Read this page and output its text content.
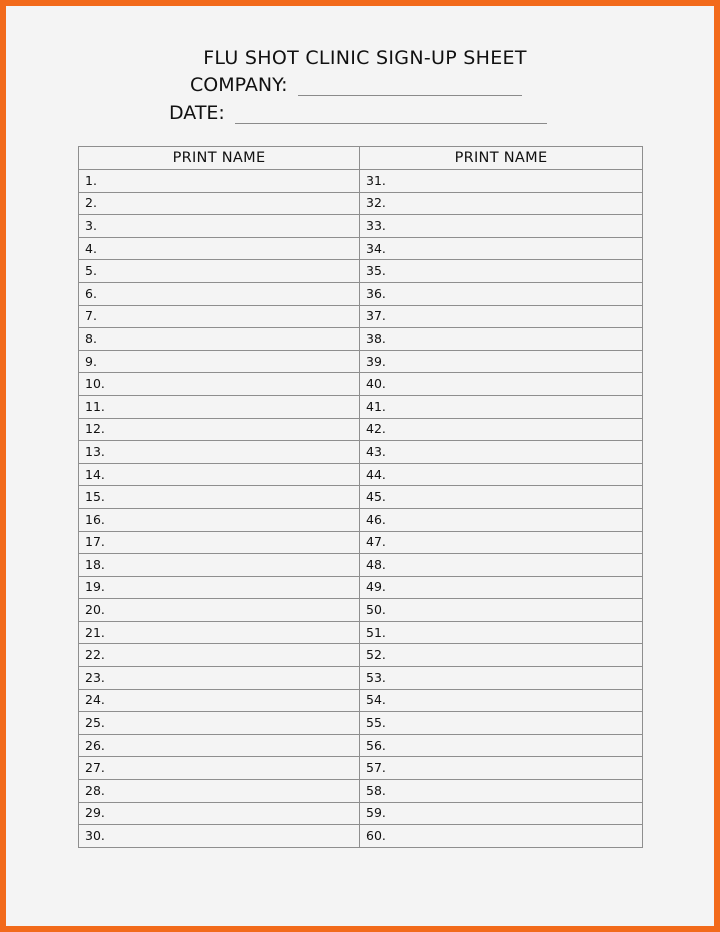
FLU SHOT CLINIC SIGN-UP SHEET
COMPANY:
DATE:
PRINT NAME	PRINT NAME
1.	31.
2.	32.
3.	33.
4.	34.
5.	35.
6.	36.
7.	37.
8.	38.
9.	39.
10.	40.
11.	41.
12.	42.
13.	43.
14.	44.
15.	45.
16.	46.
17.	47.
18.	48.
19.	49.
20.	50.
21.	51.
22.	52.
23.	53.
24.	54.
25.	55.
26.	56.
27.	57.
28.	58.
29.	59.
30.	60.
